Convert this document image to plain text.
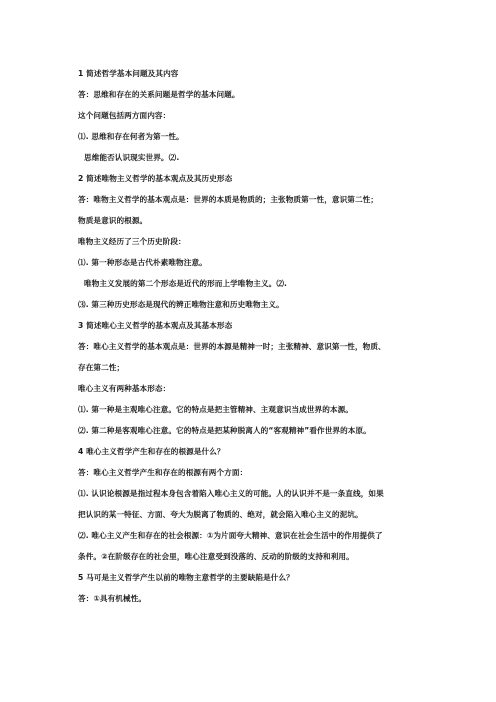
1 简述哲学基本问题及其内容
答：思维和存在的关系问题是哲学的基本问题。
这个问题包括两方面内容：
⑴. 思维和存在何者为第一性。
思维能否认识现实世界。⑵.
2 简述唯物主义哲学的基本观点及其历史形态
答：唯物主义哲学的基本观点是：世界的本质是物质的；主张物质第一性，意识第二性；
物质是意识的根源。
唯物主义经历了三个历史阶段：
⑴. 第一种形态是古代朴素唯物注意。
唯物主义发展的第二个形态是近代的形而上学唯物主义。⑵.
⑶. 第三种历史形态是现代的辨正唯物注意和历史唯物主义。
3 简述唯心主义哲学的基本观点及其基本形态
答：唯心主义哲学的基本观点是：世界的本源是精神一时；主张精神、意识第一性，物质、
存在第二性；
唯心主义有两种基本形态：
⑴. 第一种是主观唯心注意。它的特点是把主管精神、主观意识当成世界的本源。
⑵. 第二种是客观唯心注意。它的特点是把某种脱离人的“客观精神”看作世界的本原。
4 唯心主义哲学产生和存在的根源是什么？
答：唯心主义哲学产生和存在的根源有两个方面：
⑴. 认识论根源是指过程本身包含着陷入唯心主义的可能。人的认识并不是一条直线，如果
把认识的某一特征、方面、夸大为脱离了物质的、绝对，就会陷入唯心主义的泥坑。
⑵. 唯心主义产生和存在的社会根源：①为片面夸大精神、意识在社会生活中的作用提供了
条件。②在阶级存在的社会里，唯心注意受到没落的、反动的阶级的支持和利用。
5 马可是主义哲学产生以前的唯物主意哲学的主要缺陷是什么？
答：①具有机械性。
